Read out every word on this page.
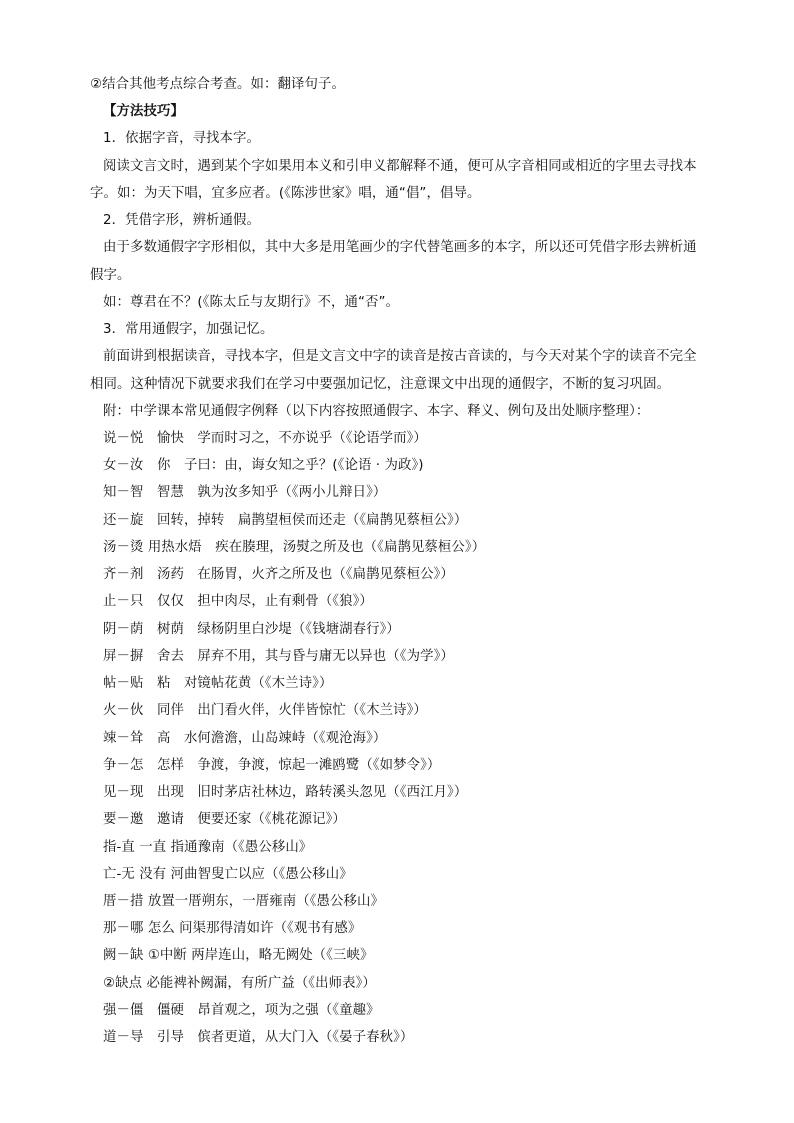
②结合其他考点综合考查。如：翻译句子。
【方法技巧】
1．依据字音，寻找本字。
阅读文言文时，遇到某个字如果用本义和引申义都解释不通，便可从字音相同或相近的字里去寻找本
字。如：为天下唱，宜多应者。(《陈涉世家》唱，通“倡”，倡导。
2．凭借字形，辨析通假。
由于多数通假字字形相似，其中大多是用笔画少的字代替笔画多的本字，所以还可凭借字形去辨析通
假字。
如：尊君在不？(《陈太丘与友期行》不，通“否”。
3．常用通假字，加强记忆。
前面讲到根据读音，寻找本字，但是文言文中字的读音是按古音读的，与今天对某个字的读音不完全
相同。这种情况下就要求我们在学习中要强加记忆，注意课文中出现的通假字，不断的复习巩固。
附：中学课本常见通假字例释（以下内容按照通假字、本字、释义、例句及出处顺序整理）：
说－悦　愉快　学而时习之，不亦说乎（《论语学而》）
女－汝　你　子曰：由，诲女知之乎？(《论语 · 为政》)
知－智　智慧　孰为汝多知乎（《两小儿辩日》）
还－旋　回转，掉转　扁鹊望桓侯而还走（《扁鹊见蔡桓公》）
汤－烫 用热水焐　疾在腠理，汤熨之所及也（《扁鹊见蔡桓公》）
齐－剂　汤药　在肠胃，火齐之所及也（《扁鹊见蔡桓公》）
止－只　仅仅　担中肉尽，止有剩骨（《狼》）
阴－荫　树荫　绿杨阴里白沙堤（《钱塘湖春行》）
屏－摒　舍去　屏弃不用，其与昏与庸无以异也（《为学》）
帖－贴　粘　对镜帖花黄（《木兰诗》）
火－伙　同伴　出门看火伴，火伴皆惊忙（《木兰诗》）
竦－耸　高　水何澹澹，山岛竦峙（《观沧海》）
争－怎　怎样　争渡，争渡，惊起一滩鸥鹭（《如梦令》）
见－现　出现　旧时茅店社林边，路转溪头忽见（《西江月》）
要－邀　邀请　便要还家（《桃花源记》）
指-直 一直 指通豫南（《愚公移山》
亡-无 没有 河曲智叟亡以应（《愚公移山》
厝－措 放置一厝朔东，一厝雍南（《愚公移山》
那－哪 怎么 问渠那得清如许（《观书有感》
阙－缺 ①中断 两岸连山，略无阙处（《三峡》
②缺点 必能裨补阙漏，有所广益（《出师表》）
强－僵　僵硬　昂首观之，项为之强（《童趣》
道－导　引导　傧者更道，从大门入（《晏子春秋》）
